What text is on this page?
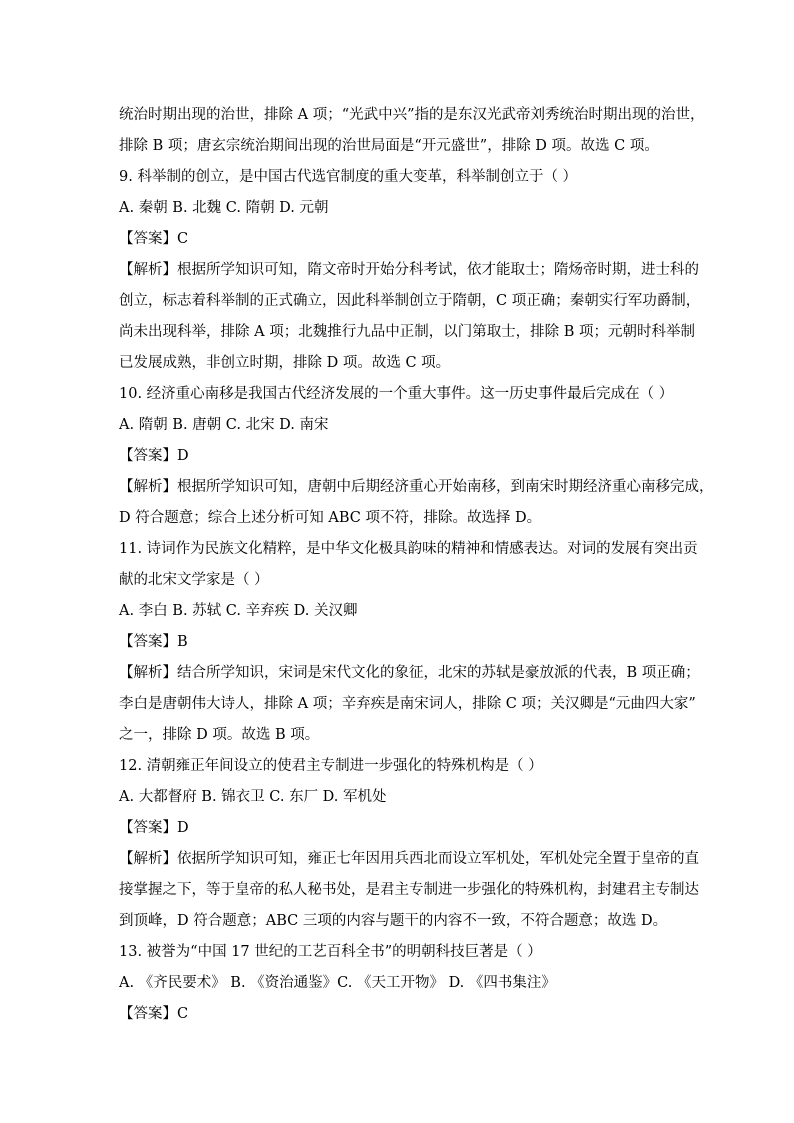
统治时期出现的治世，排除 A 项；“光武中兴”指的是东汉光武帝刘秀统治时期出现的治世，
排除 B 项；唐玄宗统治期间出现的治世局面是“开元盛世”，排除 D 项。故选 C 项。
9. 科举制的创立，是中国古代选官制度的重大变革，科举制创立于（ ）
A. 秦朝 B. 北魏 C. 隋朝 D. 元朝
【答案】C
【解析】根据所学知识可知，隋文帝时开始分科考试，依才能取士；隋炀帝时期，进士科的
创立，标志着科举制的正式确立，因此科举制创立于隋朝，C 项正确；秦朝实行军功爵制，
尚未出现科举，排除 A 项；北魏推行九品中正制，以门第取士，排除 B 项；元朝时科举制
已发展成熟，非创立时期，排除 D 项。故选 C 项。
10. 经济重心南移是我国古代经济发展的一个重大事件。这一历史事件最后完成在（ ）
A. 隋朝 B. 唐朝 C. 北宋 D. 南宋
【答案】D
【解析】根据所学知识可知，唐朝中后期经济重心开始南移，到南宋时期经济重心南移完成，
D 符合题意；综合上述分析可知 ABC 项不符，排除。故选择 D。
11. 诗词作为民族文化精粹，是中华文化极具韵味的精神和情感表达。对词的发展有突出贡
献的北宋文学家是（ ）
A. 李白 B. 苏轼 C. 辛弃疾 D. 关汉卿
【答案】B
【解析】结合所学知识，宋词是宋代文化的象征，北宋的苏轼是豪放派的代表，B 项正确；
李白是唐朝伟大诗人，排除 A 项；辛弃疾是南宋词人，排除 C 项；关汉卿是“元曲四大家”
之一，排除 D 项。故选 B 项。
12. 清朝雍正年间设立的使君主专制进一步强化的特殊机构是（ ）
A. 大都督府 B. 锦衣卫 C. 东厂 D. 军机处
【答案】D
【解析】依据所学知识可知，雍正七年因用兵西北而设立军机处，军机处完全置于皇帝的直
接掌握之下，等于皇帝的私人秘书处，是君主专制进一步强化的特殊机构，封建君主专制达
到顶峰，D 符合题意；ABC 三项的内容与题干的内容不一致，不符合题意；故选 D。
13. 被誉为“中国 17 世纪的工艺百科全书”的明朝科技巨著是（ ）
A. 《齐民要术》 B. 《资治通鉴》C. 《天工开物》 D. 《四书集注》
【答案】C
